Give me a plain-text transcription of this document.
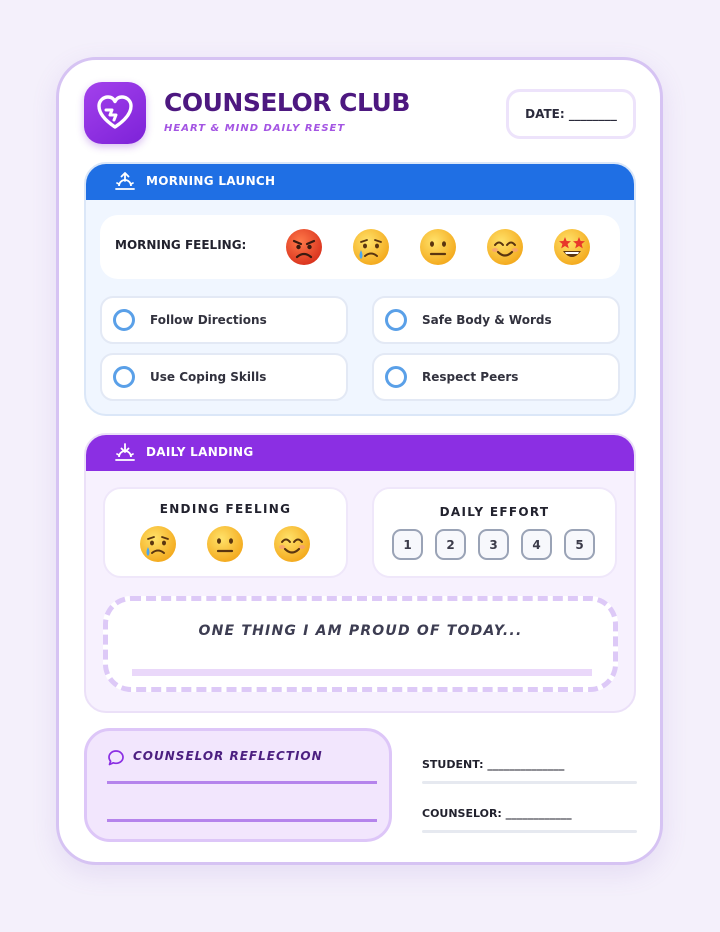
COUNSELOR CLUB
HEART & MIND DAILY RESET
DATE: ________
MORNING LAUNCH
MORNING FEELING:
Follow Directions	Safe Body & Words
Use Coping Skills	Respect Peers
DAILY LANDING
ENDING FEELING	DAILY EFFORT
1	2	3	4	5
ONE THING I AM PROUD OF TODAY...
COUNSELOR REFLECTION
STUDENT: ______________
COUNSELOR: ____________
